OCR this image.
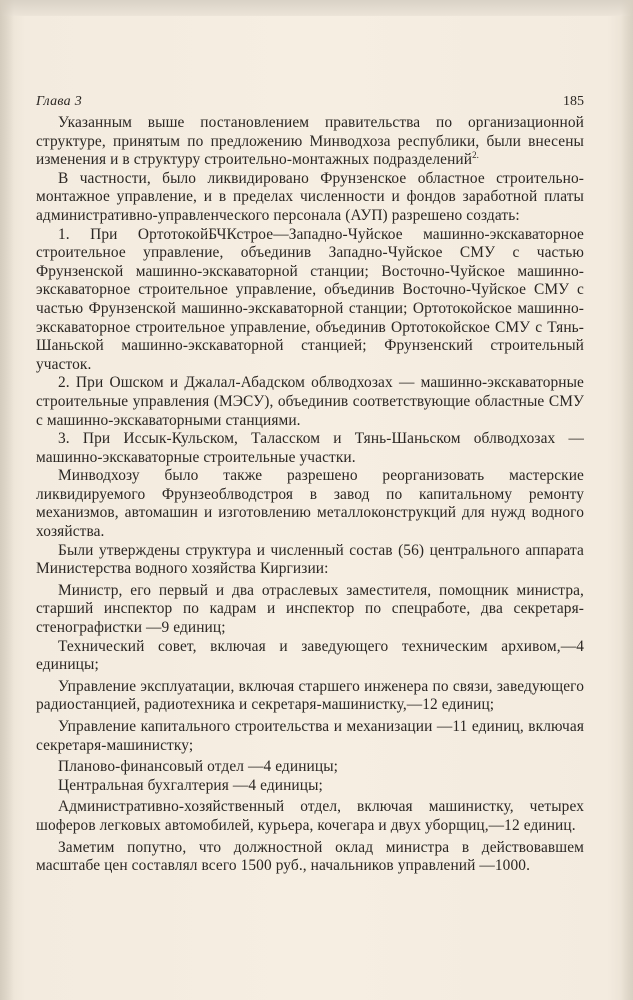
Глава 3	185

Указанным выше постановлением правительства по организационной структуре, принятым по предложению Минводхоза республики, были внесены изменения и в структуру строительно-монтажных подразделений$^{2.}$

В частности, было ликвидировано Фрунзенское областное строительно-монтажное управление, и в пределах численности и фондов заработной платы административно-управленческого персонала (АУП) разрешено создать:

1. При ОртотокойБЧКстрое—Западно-Чуйское машинно-экскаваторное строительное управление, объединив Западно-Чуйское СМУ с частью Фрунзенской машинно-экскаваторной станции; Восточно-Чуйское машинно-экскаваторное строительное управление, объединив Восточно-Чуйское СМУ с частью Фрунзенской машинно-экскаваторной станции; Ортотокойское машинно-экскаваторное строительное управление, объединив Ортотокойское СМУ с Тянь-Шаньской машинно-экскаваторной станцией; Фрунзенский строительный участок.

2. При Ошском и Джалал-Абадском облводхозах — машинно-экскаваторные строительные управления (МЭСУ), объединив соответствующие областные СМУ с машинно-экскаваторными станциями.

3. При Иссык-Кульском, Таласском и Тянь-Шаньском облводхозах — машинно-экскаваторные строительные участки.

Минводхозу было также разрешено реорганизовать мастерские ликвидируемого Фрунзеоблводстроя в завод по капитальному ремонту механизмов, автомашин и изготовлению металлоконструкций для нужд водного хозяйства.

Были утверждены структура и численный состав (56) центрального аппарата Министерства водного хозяйства Киргизии:

Министр, его первый и два отраслевых заместителя, помощник министра, старший инспектор по кадрам и инспектор по спецработе, два секретаря-стенографистки —9 единиц;

Технический совет, включая и заведующего техническим архивом,—4 единицы;

Управление эксплуатации, включая старшего инженера по связи, заведующего радиостанцией, радиотехника и секретаря-машинистку,—12 единиц;

Управление капитального строительства и механизации —11 единиц, включая секретаря-машинистку;

Планово-финансовый отдел —4 единицы;

Центральная бухгалтерия —4 единицы;

Административно-хозяйственный отдел, включая машинистку, четырех шоферов легковых автомобилей, курьера, кочегара и двух уборщиц,—12 единиц.

Заметим попутно, что должностной оклад министра в действовавшем масштабе цен составлял всего 1500 руб., начальников управлений —1000.
